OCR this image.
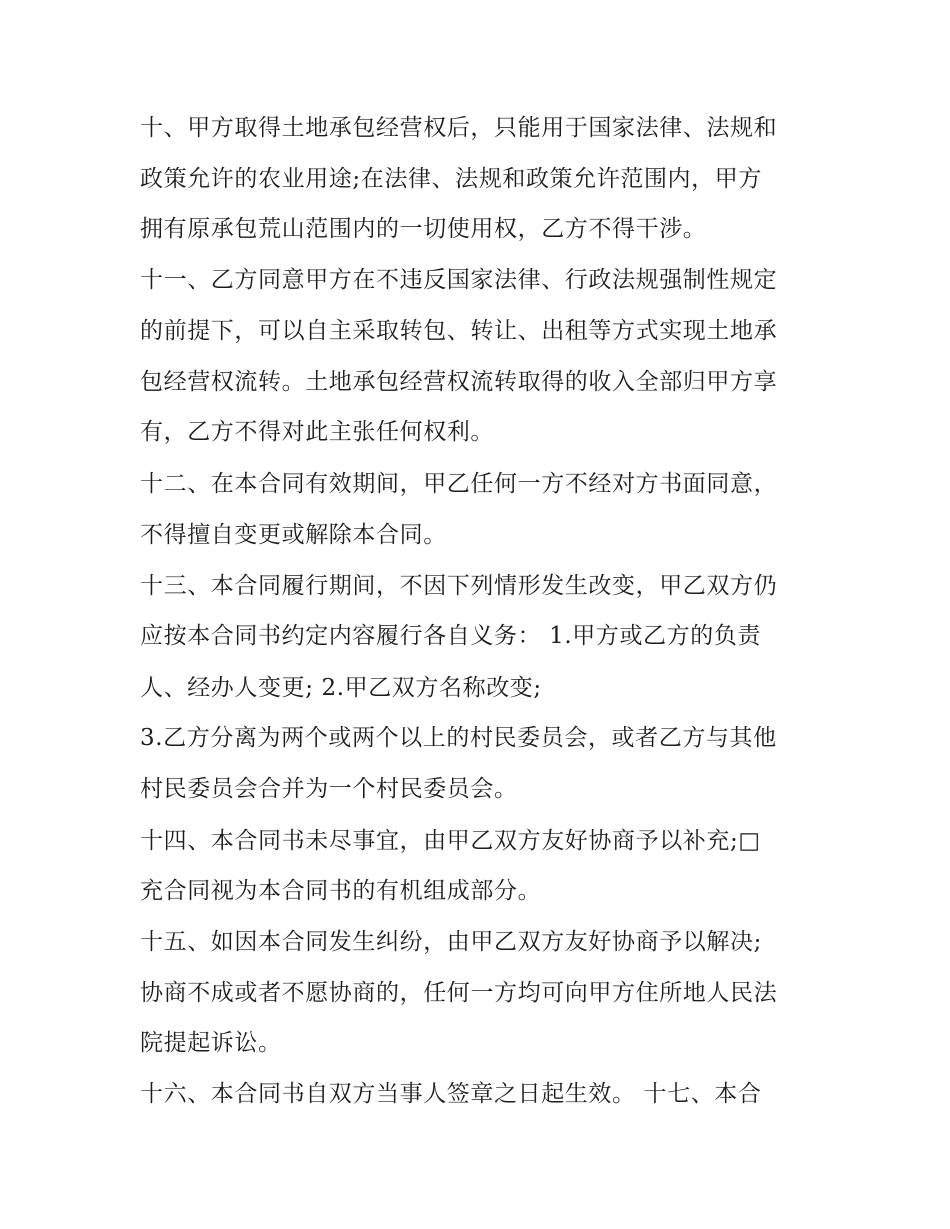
十、甲方取得土地承包经营权后，只能用于国家法律、法规和
政策允许的农业用途;在法律、法规和政策允许范围内，甲方
拥有原承包荒山范围内的一切使用权，乙方不得干涉。
十一、乙方同意甲方在不违反国家法律、行政法规强制性规定
的前提下，可以自主采取转包、转让、出租等方式实现土地承
包经营权流转。土地承包经营权流转取得的收入全部归甲方享
有，乙方不得对此主张任何权利。
十二、在本合同有效期间，甲乙任何一方不经对方书面同意，
不得擅自变更或解除本合同。
十三、本合同履行期间，不因下列情形发生改变，甲乙双方仍
应按本合同书约定内容履行各自义务： 1.甲方或乙方的负责
人、经办人变更; 2.甲乙双方名称改变;
3.乙方分离为两个或两个以上的村民委员会，或者乙方与其他
村民委员会合并为一个村民委员会。
十四、本合同书未尽事宜，由甲乙双方友好协商予以补充;□
充合同视为本合同书的有机组成部分。
十五、如因本合同发生纠纷，由甲乙双方友好协商予以解决;
协商不成或者不愿协商的，任何一方均可向甲方住所地人民法
院提起诉讼。
十六、本合同书自双方当事人签章之日起生效。 十七、本合
